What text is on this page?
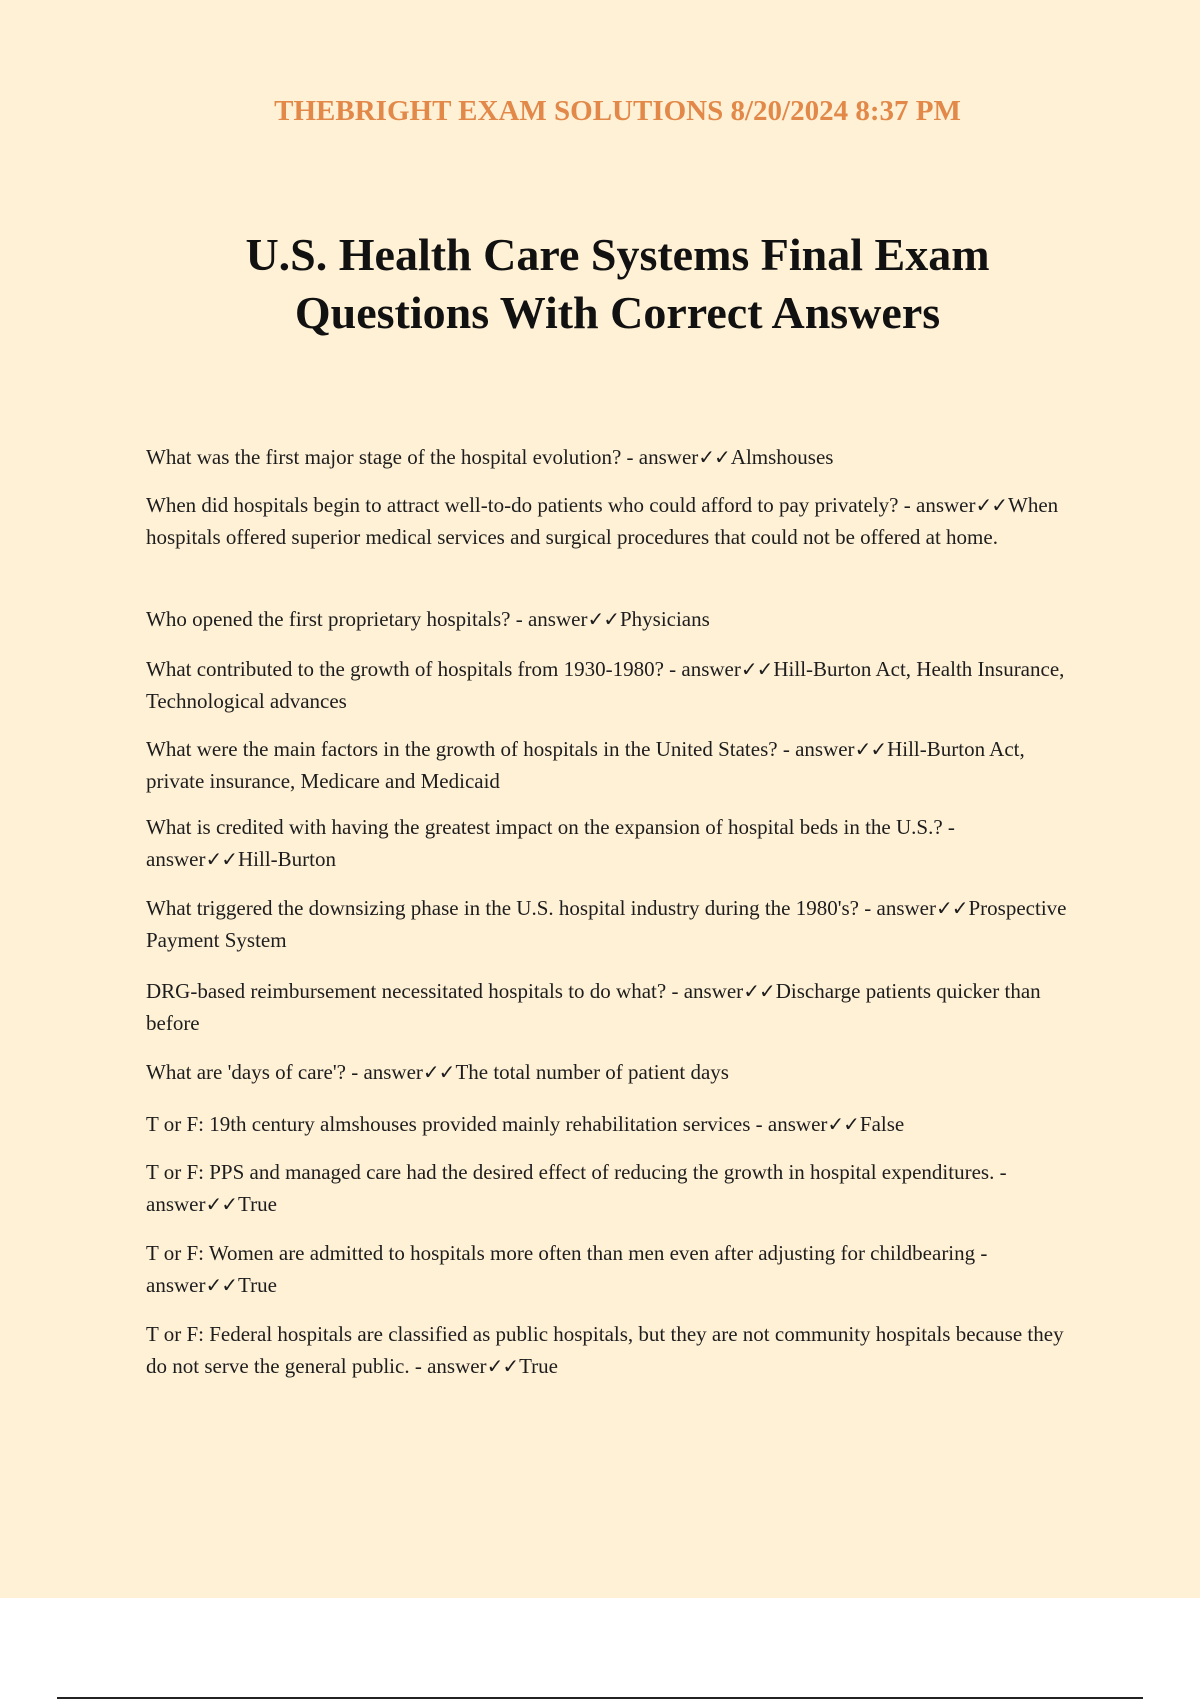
THEBRIGHT EXAM SOLUTIONS 8/20/2024 8:37 PM
U.S. Health Care Systems Final Exam
Questions With Correct Answers

What was the first major stage of the hospital evolution? - answer✓✓Almshouses

When did hospitals begin to attract well-to-do patients who could afford to pay privately? - answer✓✓When hospitals offered superior medical services and surgical procedures that could not be offered at home.

Who opened the first proprietary hospitals? - answer✓✓Physicians

What contributed to the growth of hospitals from 1930-1980? - answer✓✓Hill-Burton Act, Health Insurance, Technological advances

What were the main factors in the growth of hospitals in the United States? - answer✓✓Hill-Burton Act, private insurance, Medicare and Medicaid

What is credited with having the greatest impact on the expansion of hospital beds in the U.S.? - answer✓✓Hill-Burton

What triggered the downsizing phase in the U.S. hospital industry during the 1980's? - answer✓✓Prospective Payment System

DRG-based reimbursement necessitated hospitals to do what? - answer✓✓Discharge patients quicker than before

What are 'days of care'? - answer✓✓The total number of patient days

T or F: 19th century almshouses provided mainly rehabilitation services - answer✓✓False

T or F: PPS and managed care had the desired effect of reducing the growth in hospital expenditures. - answer✓✓True

T or F: Women are admitted to hospitals more often than men even after adjusting for childbearing - answer✓✓True

T or F: Federal hospitals are classified as public hospitals, but they are not community hospitals because they do not serve the general public. - answer✓✓True
